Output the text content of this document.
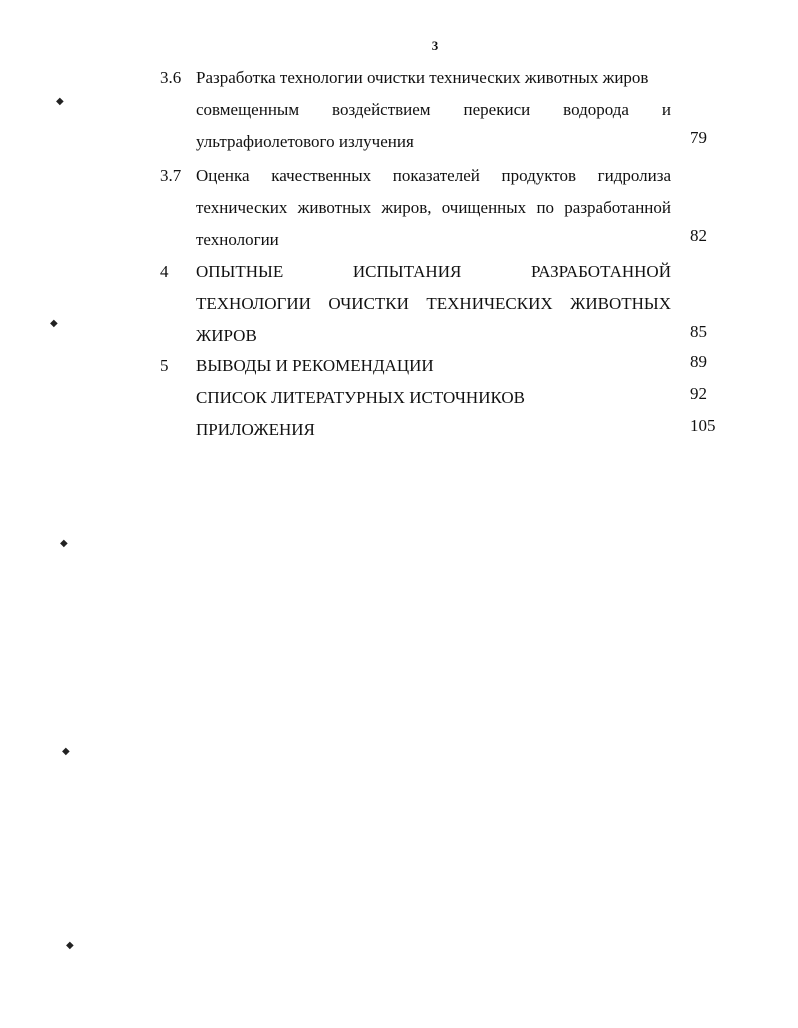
3
◆
◆
◆
◆
◆
3.6 Разработка технологии очистки технических животных жиров
совмещенным воздействием перекиси водорода и
ультрафиолетового излучения	79
3.7 Оценка качественных показателей продуктов гидролиза
технических животных жиров, очищенных по разработанной
технологии	82
4 ОПЫТНЫЕ ИСПЫТАНИЯ РАЗРАБОТАННОЙ
ТЕХНОЛОГИИ ОЧИСТКИ ТЕХНИЧЕСКИХ ЖИВОТНЫХ
ЖИРОВ	85
5 ВЫВОДЫ И РЕКОМЕНДАЦИИ	89
СПИСОК ЛИТЕРАТУРНЫХ ИСТОЧНИКОВ	92
ПРИЛОЖЕНИЯ	105
